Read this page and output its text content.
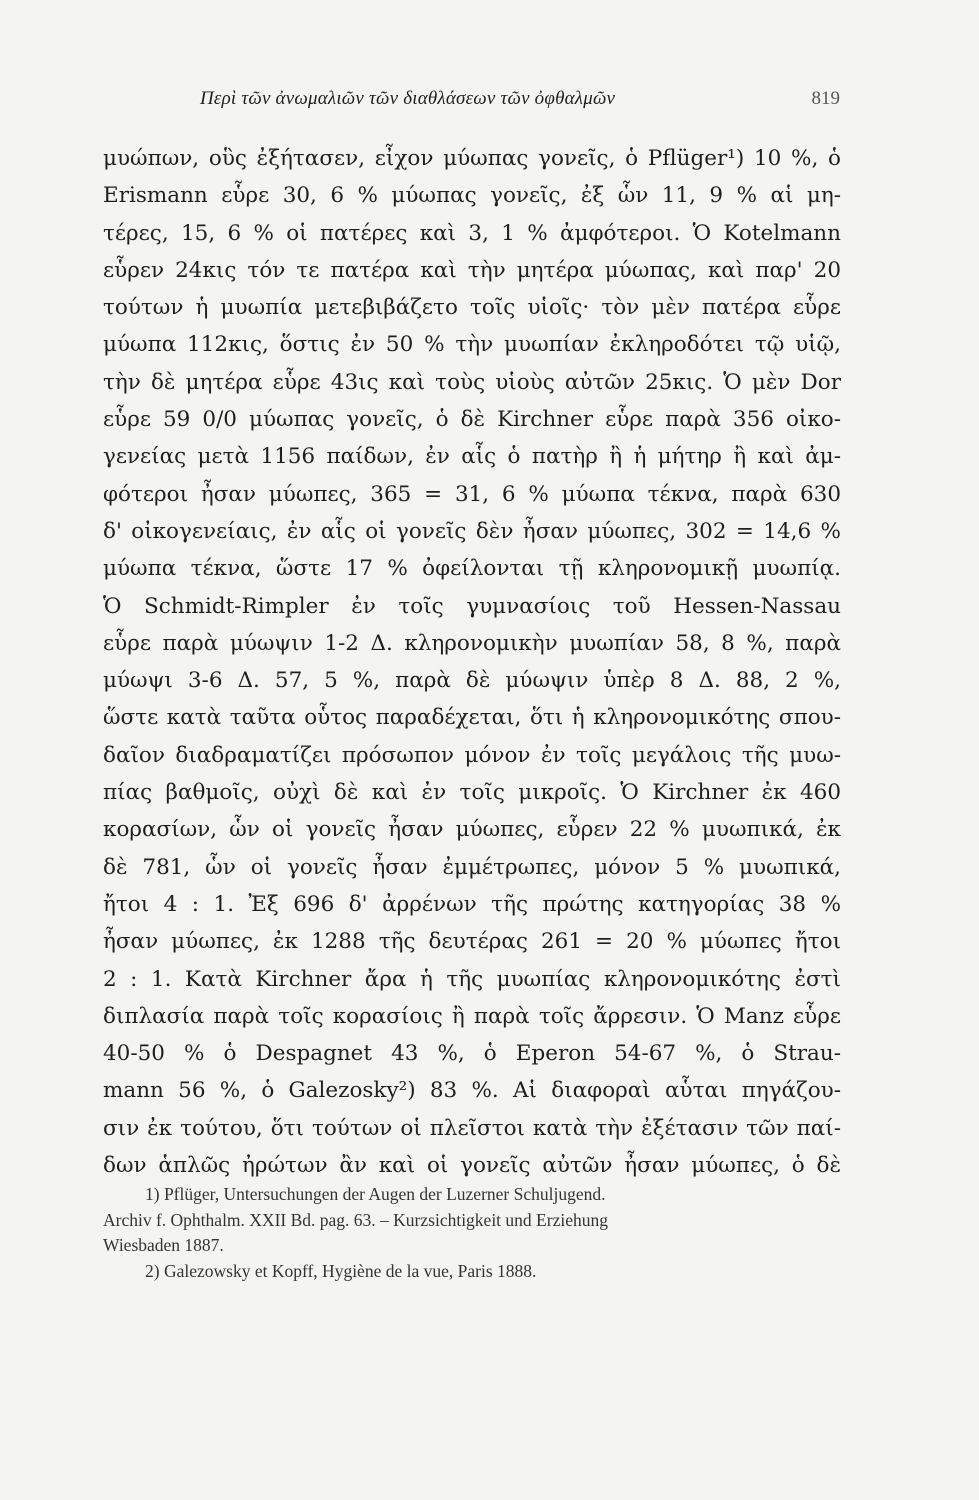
Περὶ τῶν ἀνωμαλιῶν τῶν διαθλάσεων τῶν ὀφθαλμῶν	819
μυώπων, οὓς ἐξήτασεν, εἶχον μύωπας γονεῖς, ὁ Pflüger¹) 10 %, ὁ
Erismann εὗρε 30, 6 % μύωπας γονεῖς, ἐξ ὧν 11, 9 % αἱ μη-
τέρες, 15, 6 % οἱ πατέρες καὶ 3, 1 % ἀμφότεροι. Ὁ Kotelmann
εὗρεν 24κις τόν τε πατέρα καὶ τὴν μητέρα μύωπας, καὶ παρ' 20
τούτων ἡ μυωπία μετεβιβάζετο τοῖς υἱοῖς· τὸν μὲν πατέρα εὗρε
μύωπα 112κις, ὅστις ἐν 50 % τὴν μυωπίαν ἐκληροδότει τῷ υἱῷ,
τὴν δὲ μητέρα εὗρε 43ις καὶ τοὺς υἱοὺς αὐτῶν 25κις. Ὁ μὲν Dor
εὗρε 59 0/0 μύωπας γονεῖς, ὁ δὲ Kirchner εὗρε παρὰ 356 οἰκο-
γενείας μετὰ 1156 παίδων, ἐν αἷς ὁ πατὴρ ἢ ἡ μήτηρ ἢ καὶ ἀμ-
φότεροι ἦσαν μύωπες, 365 = 31, 6 % μύωπα τέκνα, παρὰ 630
δ' οἰκογενείαις, ἐν αἷς οἱ γονεῖς δὲν ἦσαν μύωπες, 302 = 14,6 %
μύωπα τέκνα, ὥστε 17 % ὀφείλονται τῇ κληρονομικῇ μυωπίᾳ.
Ὁ Schmidt-Rimpler ἐν τοῖς γυμνασίοις τοῦ Hessen-Nassau
εὗρε παρὰ μύωψιν 1-2 Δ. κληρονομικὴν μυωπίαν 58, 8 %, παρὰ
μύωψι 3-6 Δ. 57, 5 %, παρὰ δὲ μύωψιν ὑπὲρ 8 Δ. 88, 2 %,
ὥστε κατὰ ταῦτα οὗτος παραδέχεται, ὅτι ἡ κληρονομικότης σπου-
δαῖον διαδραματίζει πρόσωπον μόνον ἐν τοῖς μεγάλοις τῆς μυω-
πίας βαθμοῖς, οὐχὶ δὲ καὶ ἐν τοῖς μικροῖς. Ὁ Kirchner ἐκ 460
κορασίων, ὧν οἱ γονεῖς ἦσαν μύωπες, εὗρεν 22 % μυωπικά, ἐκ
δὲ 781, ὧν οἱ γονεῖς ἦσαν ἐμμέτρωπες, μόνον 5 % μυωπικά,
ἤτοι 4 : 1. Ἐξ 696 δ' ἀρρένων τῆς πρώτης κατηγορίας 38 %
ἦσαν μύωπες, ἐκ 1288 τῆς δευτέρας 261 = 20 % μύωπες ἤτοι
2 : 1. Κατὰ Kirchner ἄρα ἡ τῆς μυωπίας κληρονομικότης ἐστὶ
διπλασία παρὰ τοῖς κορασίοις ἢ παρὰ τοῖς ἄρρεσιν. Ὁ Manz εὗρε
40-50 % ὁ Despagnet 43 %, ὁ Eperon 54-67 %, ὁ Strau-
mann 56 %, ὁ Galezosky²) 83 %. Αἱ διαφοραὶ αὗται πηγάζου-
σιν ἐκ τούτου, ὅτι τούτων οἱ πλεῖστοι κατὰ τὴν ἐξέτασιν τῶν παί-
δων ἁπλῶς ἠρώτων ἂν καὶ οἱ γονεῖς αὐτῶν ἦσαν μύωπες, ὁ δὲ
1) Pflüger, Untersuchungen der Augen der Luzerner Schuljugend.
Archiv f. Ophthalm. XXII Bd. pag. 63. – Kurzsichtigkeit und Erziehung
Wiesbaden 1887.
2) Galezowsky et Kopff, Hygiène de la vue, Paris 1888.
